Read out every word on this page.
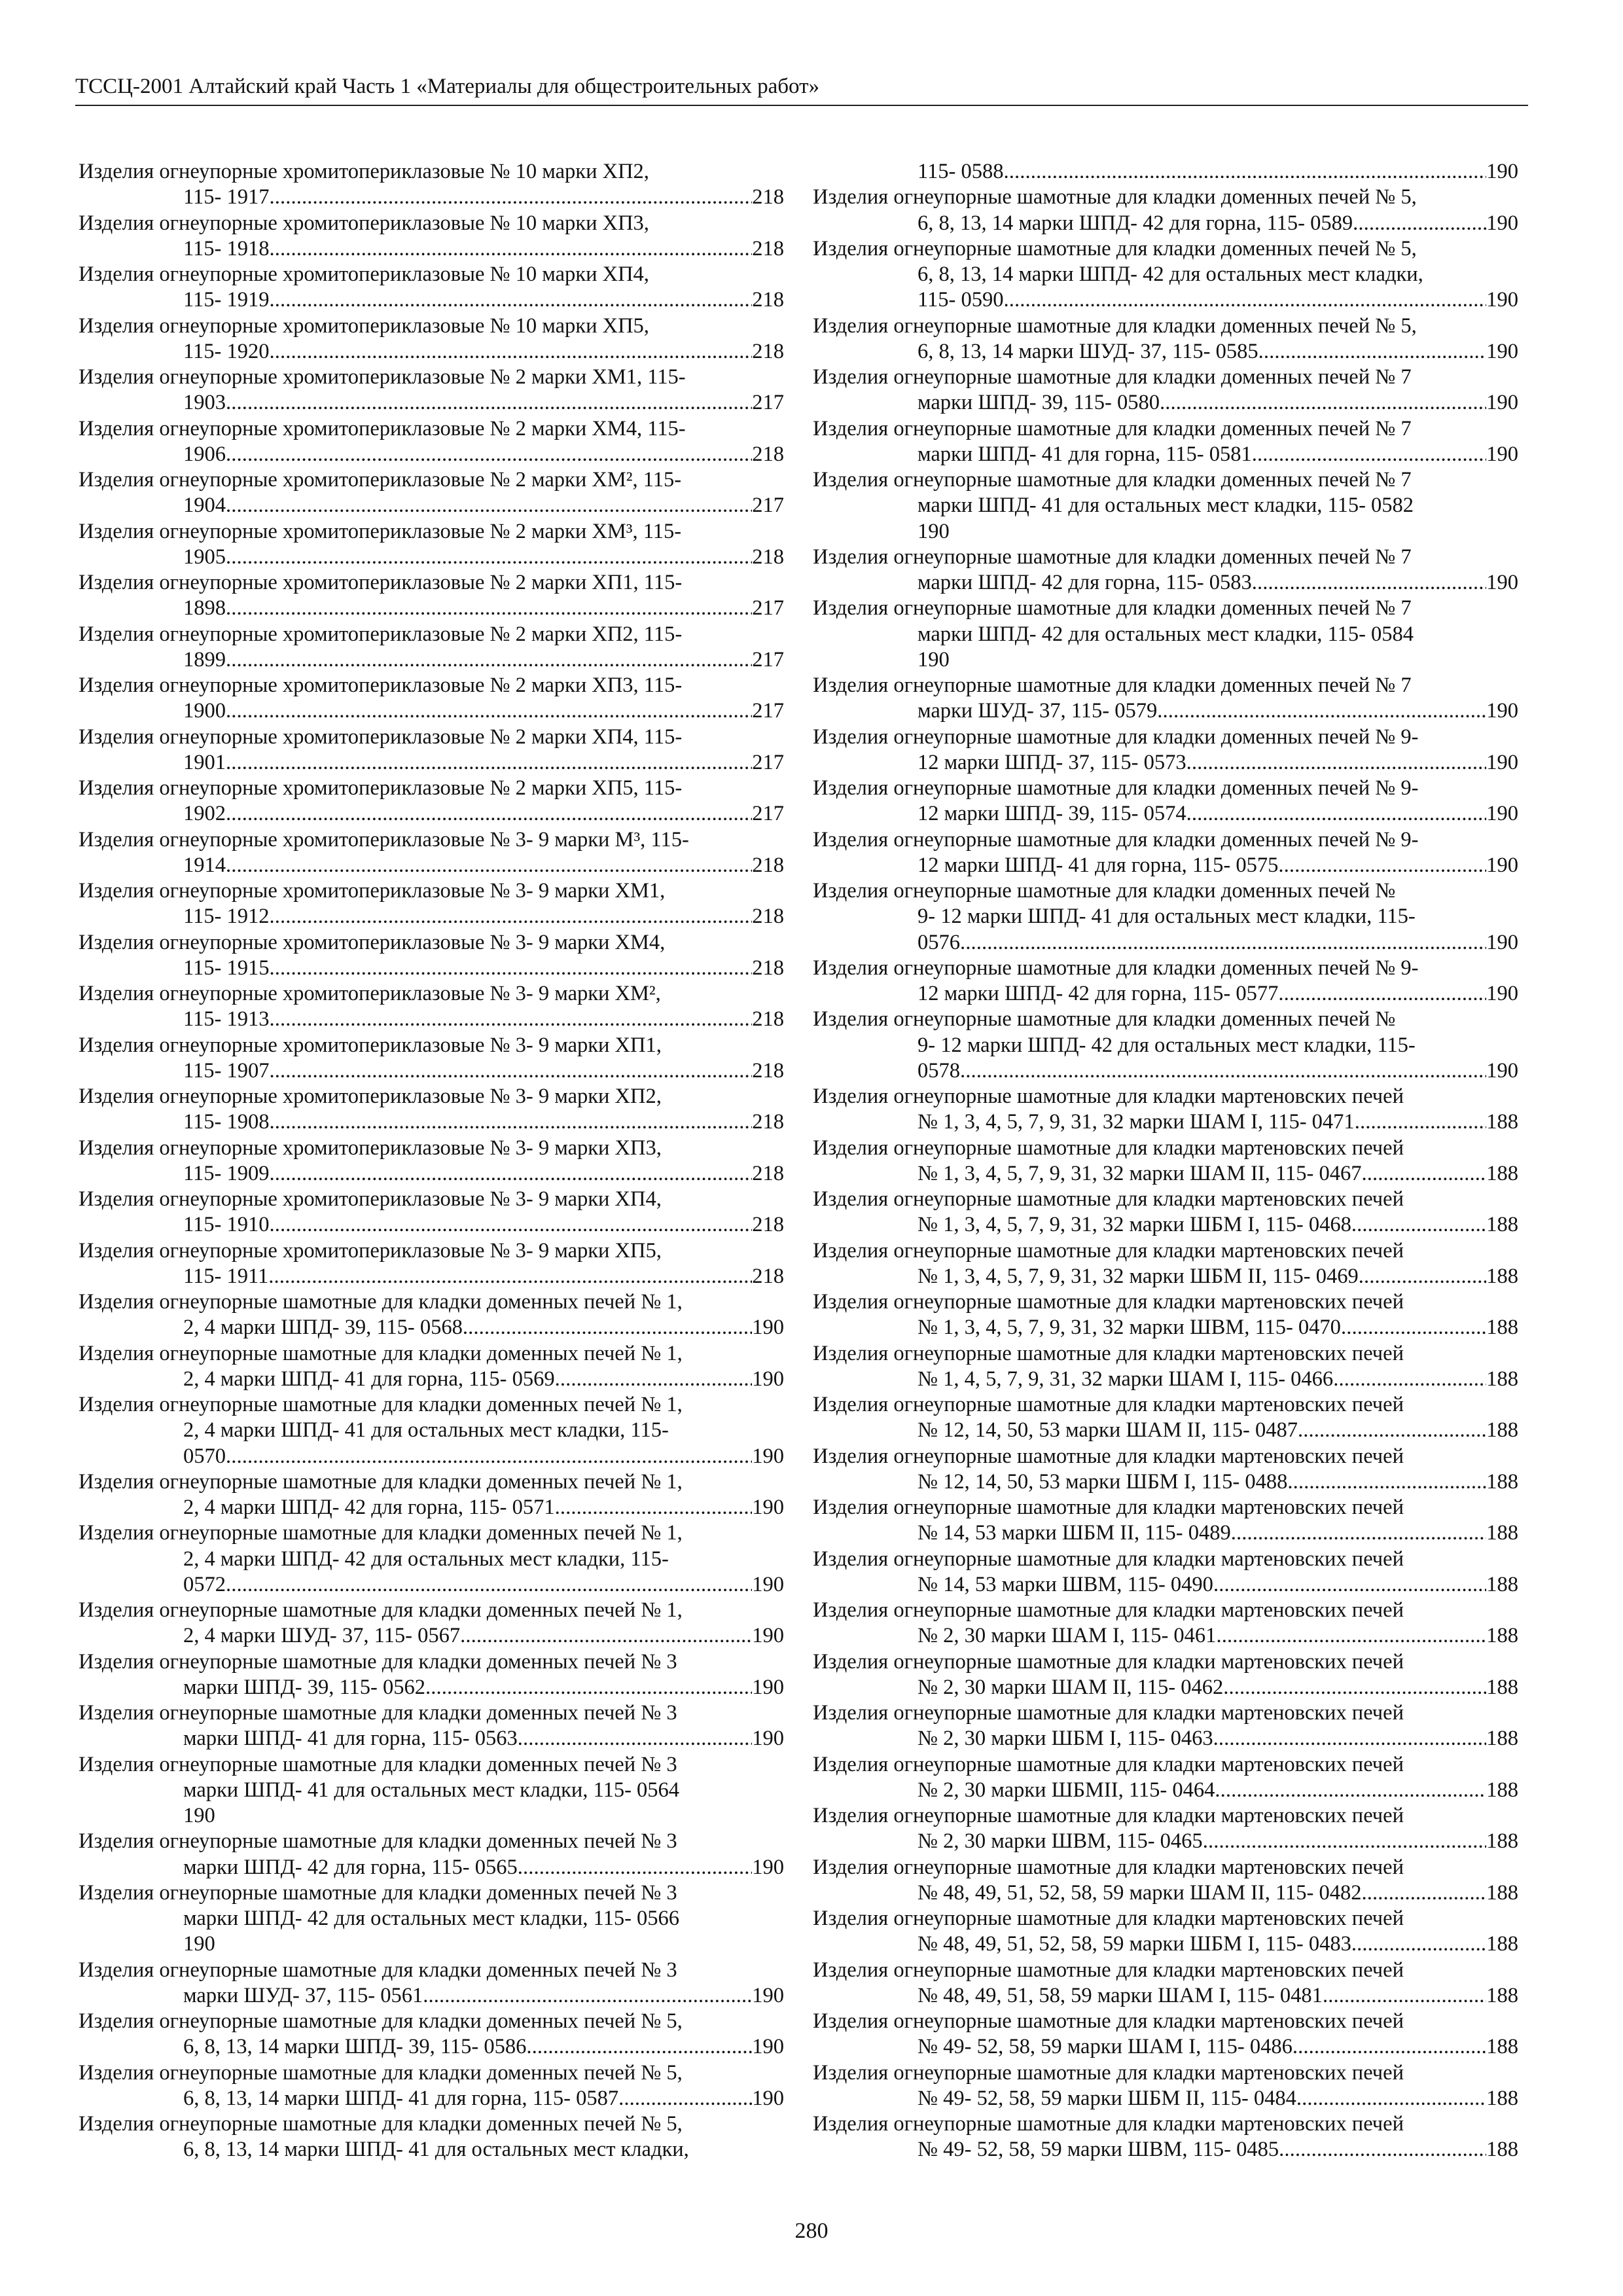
ТССЦ-2001 Алтайский край Часть 1 «Материалы для общестроительных работ»
Изделия огнеупорные хромитопериклазовые № 10 марки ХП2,
115- 1917 . . .	218
Изделия огнеупорные хромитопериклазовые № 10 марки ХП3,
115- 1918 . . .	218
Изделия огнеупорные хромитопериклазовые № 10 марки ХП4,
115- 1919 . . .	218
Изделия огнеупорные хромитопериклазовые № 10 марки ХП5,
115- 1920 . . .	218
Изделия огнеупорные хромитопериклазовые № 2 марки ХМ1, 115-
1903 . . .	217
Изделия огнеупорные хромитопериклазовые № 2 марки ХМ4, 115-
1906 . . .	218
Изделия огнеупорные хромитопериклазовые № 2 марки ХМ², 115-
1904 . . .	217
Изделия огнеупорные хромитопериклазовые № 2 марки ХМ³, 115-
1905 . . .	218
Изделия огнеупорные хромитопериклазовые № 2 марки ХП1, 115-
1898 . . .	217
Изделия огнеупорные хромитопериклазовые № 2 марки ХП2, 115-
1899 . . .	217
Изделия огнеупорные хромитопериклазовые № 2 марки ХП3, 115-
1900 . . .	217
Изделия огнеупорные хромитопериклазовые № 2 марки ХП4, 115-
1901 . . .	217
Изделия огнеупорные хромитопериклазовые № 2 марки ХП5, 115-
1902 . . .	217
Изделия огнеупорные хромитопериклазовые № 3- 9 марки М³, 115-
1914 . . .	218
Изделия огнеупорные хромитопериклазовые № 3- 9 марки ХМ1,
115- 1912 . . .	218
Изделия огнеупорные хромитопериклазовые № 3- 9 марки ХМ4,
115- 1915 . . .	218
Изделия огнеупорные хромитопериклазовые № 3- 9 марки ХМ²,
115- 1913 . . .	218
Изделия огнеупорные хромитопериклазовые № 3- 9 марки ХП1,
115- 1907 . . .	218
Изделия огнеупорные хромитопериклазовые № 3- 9 марки ХП2,
115- 1908 . . .	218
Изделия огнеупорные хромитопериклазовые № 3- 9 марки ХП3,
115- 1909 . . .	218
Изделия огнеупорные хромитопериклазовые № 3- 9 марки ХП4,
115- 1910 . . .	218
Изделия огнеупорные хромитопериклазовые № 3- 9 марки ХП5,
115- 1911 . . .	218
Изделия огнеупорные шамотные для кладки доменных печей № 1,
2, 4 марки ШПД- 39, 115- 0568 . . .	190
Изделия огнеупорные шамотные для кладки доменных печей № 1,
2, 4 марки ШПД- 41 для горна, 115- 0569 . . .	190
Изделия огнеупорные шамотные для кладки доменных печей № 1,
2, 4 марки ШПД- 41 для остальных мест кладки, 115-
0570 . . .	190
Изделия огнеупорные шамотные для кладки доменных печей № 1,
2, 4 марки ШПД- 42 для горна, 115- 0571 . . .	190
Изделия огнеупорные шамотные для кладки доменных печей № 1,
2, 4 марки ШПД- 42 для остальных мест кладки, 115-
0572 . . .	190
Изделия огнеупорные шамотные для кладки доменных печей № 1,
2, 4 марки ШУД- 37, 115- 0567 . . .	190
Изделия огнеупорные шамотные для кладки доменных печей № 3
марки ШПД- 39, 115- 0562 . . .	190
Изделия огнеупорные шамотные для кладки доменных печей № 3
марки ШПД- 41 для горна, 115- 0563 . . .	190
Изделия огнеупорные шамотные для кладки доменных печей № 3
марки ШПД- 41 для остальных мест кладки, 115- 0564
190
Изделия огнеупорные шамотные для кладки доменных печей № 3
марки ШПД- 42 для горна, 115- 0565 . . .	190
Изделия огнеупорные шамотные для кладки доменных печей № 3
марки ШПД- 42 для остальных мест кладки, 115- 0566
190
Изделия огнеупорные шамотные для кладки доменных печей № 3
марки ШУД- 37, 115- 0561 . . .	190
Изделия огнеупорные шамотные для кладки доменных печей № 5,
6, 8, 13, 14 марки ШПД- 39, 115- 0586 . . .	190
Изделия огнеупорные шамотные для кладки доменных печей № 5,
6, 8, 13, 14 марки ШПД- 41 для горна, 115- 0587 . . .	190
Изделия огнеупорные шамотные для кладки доменных печей № 5,
6, 8, 13, 14 марки ШПД- 41 для остальных мест кладки,
115- 0588 . . .	190
Изделия огнеупорные шамотные для кладки доменных печей № 5,
6, 8, 13, 14 марки ШПД- 42 для горна, 115- 0589 . . .	190
Изделия огнеупорные шамотные для кладки доменных печей № 5,
6, 8, 13, 14 марки ШПД- 42 для остальных мест кладки,
115- 0590 . . .	190
Изделия огнеупорные шамотные для кладки доменных печей № 5,
6, 8, 13, 14 марки ШУД- 37, 115- 0585 . . .	190
Изделия огнеупорные шамотные для кладки доменных печей № 7
марки ШПД- 39, 115- 0580 . . .	190
Изделия огнеупорные шамотные для кладки доменных печей № 7
марки ШПД- 41 для горна, 115- 0581 . . .	190
Изделия огнеупорные шамотные для кладки доменных печей № 7
марки ШПД- 41 для остальных мест кладки, 115- 0582
190
Изделия огнеупорные шамотные для кладки доменных печей № 7
марки ШПД- 42 для горна, 115- 0583 . . .	190
Изделия огнеупорные шамотные для кладки доменных печей № 7
марки ШПД- 42 для остальных мест кладки, 115- 0584
190
Изделия огнеупорные шамотные для кладки доменных печей № 7
марки ШУД- 37, 115- 0579 . . .	190
Изделия огнеупорные шамотные для кладки доменных печей № 9-
12 марки ШПД- 37, 115- 0573 . . .	190
Изделия огнеупорные шамотные для кладки доменных печей № 9-
12 марки ШПД- 39, 115- 0574 . . .	190
Изделия огнеупорные шамотные для кладки доменных печей № 9-
12 марки ШПД- 41 для горна, 115- 0575 . . .	190
Изделия огнеупорные шамотные для кладки доменных печей №
9- 12 марки ШПД- 41 для остальных мест кладки, 115-
0576 . . .	190
Изделия огнеупорные шамотные для кладки доменных печей № 9-
12 марки ШПД- 42 для горна, 115- 0577 . . .	190
Изделия огнеупорные шамотные для кладки доменных печей №
9- 12 марки ШПД- 42 для остальных мест кладки, 115-
0578 . . .	190
Изделия огнеупорные шамотные для кладки мартеновских печей
№ 1, 3, 4, 5, 7, 9, 31, 32 марки ШАМ I, 115- 0471 . . .	188
Изделия огнеупорные шамотные для кладки мартеновских печей
№ 1, 3, 4, 5, 7, 9, 31, 32 марки ШАМ II, 115- 0467 . . .	188
Изделия огнеупорные шамотные для кладки мартеновских печей
№ 1, 3, 4, 5, 7, 9, 31, 32 марки ШБМ I, 115- 0468 . . .	188
Изделия огнеупорные шамотные для кладки мартеновских печей
№ 1, 3, 4, 5, 7, 9, 31, 32 марки ШБМ II, 115- 0469 . . .	188
Изделия огнеупорные шамотные для кладки мартеновских печей
№ 1, 3, 4, 5, 7, 9, 31, 32 марки ШВМ, 115- 0470 . . .	188
Изделия огнеупорные шамотные для кладки мартеновских печей
№ 1, 4, 5, 7, 9, 31, 32 марки ШАМ I, 115- 0466 . . .	188
Изделия огнеупорные шамотные для кладки мартеновских печей
№ 12, 14, 50, 53 марки ШАМ II, 115- 0487 . . .	188
Изделия огнеупорные шамотные для кладки мартеновских печей
№ 12, 14, 50, 53 марки ШБМ I, 115- 0488 . . .	188
Изделия огнеупорные шамотные для кладки мартеновских печей
№ 14, 53 марки ШБМ II, 115- 0489 . . .	188
Изделия огнеупорные шамотные для кладки мартеновских печей
№ 14, 53 марки ШВМ, 115- 0490 . . .	188
Изделия огнеупорные шамотные для кладки мартеновских печей
№ 2, 30 марки ШАМ I, 115- 0461 . . .	188
Изделия огнеупорные шамотные для кладки мартеновских печей
№ 2, 30 марки ШАМ II, 115- 0462 . . .	188
Изделия огнеупорные шамотные для кладки мартеновских печей
№ 2, 30 марки ШБМ I, 115- 0463 . . .	188
Изделия огнеупорные шамотные для кладки мартеновских печей
№ 2, 30 марки ШБМII, 115- 0464 . . .	188
Изделия огнеупорные шамотные для кладки мартеновских печей
№ 2, 30 марки ШВМ, 115- 0465 . . .	188
Изделия огнеупорные шамотные для кладки мартеновских печей
№ 48, 49, 51, 52, 58, 59 марки ШАМ II, 115- 0482 . . .	188
Изделия огнеупорные шамотные для кладки мартеновских печей
№ 48, 49, 51, 52, 58, 59 марки ШБМ I, 115- 0483 . . .	188
Изделия огнеупорные шамотные для кладки мартеновских печей
№ 48, 49, 51, 58, 59 марки ШАМ I, 115- 0481 . . .	188
Изделия огнеупорные шамотные для кладки мартеновских печей
№ 49- 52, 58, 59 марки ШАМ I, 115- 0486 . . .	188
Изделия огнеупорные шамотные для кладки мартеновских печей
№ 49- 52, 58, 59 марки ШБМ II, 115- 0484 . . .	188
Изделия огнеупорные шамотные для кладки мартеновских печей
№ 49- 52, 58, 59 марки ШВМ, 115- 0485 . . .	188
280
